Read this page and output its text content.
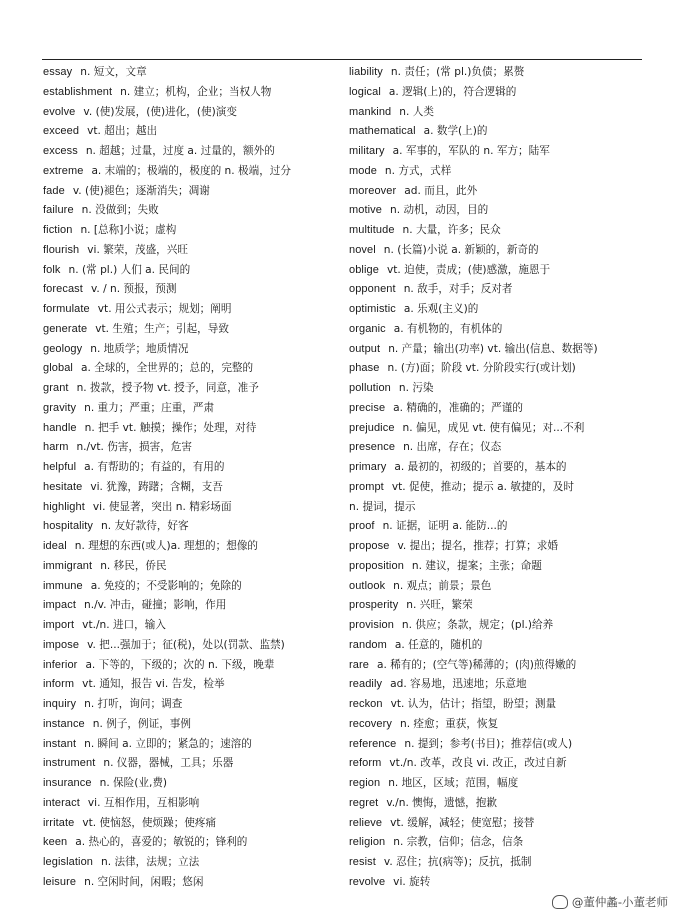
essay n. 短文，文章
establishment n. 建立；机构，企业；当权人物
evolve v. (使)发展，(使)进化，(使)演变
exceed vt. 超出；越出
excess n. 超越；过量，过度 a. 过量的，额外的
extreme a. 末端的；极端的，极度的 n. 极端，过分
fade v. (使)褪色；逐渐消失；凋谢
failure n. 没做到；失败
fiction n. [总称]小说；虚构
flourish vi. 繁荣，茂盛，兴旺
folk n. (常 pl.) 人们 a. 民间的
forecast v. / n. 预报，预测
formulate vt. 用公式表示；规划；阐明
generate vt. 生殖；生产；引起，导致
geology n. 地质学；地质情况
global a. 全球的，全世界的；总的，完整的
grant n. 拨款，授予物 vt. 授予，同意，准予
gravity n. 重力；严重；庄重，严肃
handle n. 把手 vt. 触摸；操作；处理，对待
harm n./vt. 伤害，损害，危害
helpful a. 有帮助的；有益的，有用的
hesitate vi. 犹豫，踌躇；含糊，支吾
highlight vi. 使显著，突出 n. 精彩场面
hospitality n. 友好款待，好客
ideal n. 理想的东西(或人)a. 理想的；想像的
immigrant n. 移民，侨民
immune a. 免疫的；不受影响的；免除的
impact n./v. 冲击，碰撞；影响，作用
import vt./n. 进口，输入
impose v. 把...强加于；征(税)，处以(罚款、监禁)
inferior a. 下等的，下级的；次的 n. 下级，晚辈
inform vt. 通知，报告 vi. 告发，检举
inquiry n. 打听，询问；调查
instance n. 例子，例证，事例
instant n. 瞬间 a. 立即的；紧急的；速溶的
instrument n. 仪器，器械，工具；乐器
insurance n. 保险(业,费)
interact vi. 互相作用，互相影响
irritate vt. 使恼怒，使烦躁；使疼痛
keen a. 热心的，喜爱的；敏锐的；锋利的
legislation n. 法律，法规；立法
leisure n. 空闲时间，闲暇；悠闲
liability n. 责任；(常 pl.)负债；累赘
logical a. 逻辑(上)的，符合逻辑的
mankind n. 人类
mathematical a. 数学(上)的
military a. 军事的，军队的 n. 军方；陆军
mode n. 方式，式样
moreover ad. 而且，此外
motive n. 动机，动因，目的
multitude n. 大量，许多；民众
novel n. (长篇)小说 a. 新颖的，新奇的
oblige vt. 迫使，责成；(使)感激，施恩于
opponent n. 敌手，对手；反对者
optimistic a. 乐观(主义)的
organic a. 有机物的，有机体的
output n. 产量；输出(功率) vt. 输出(信息、数据等)
phase n. (方)面；阶段 vt. 分阶段实行(或计划)
pollution n. 污染
precise a. 精确的，准确的；严谨的
prejudice n. 偏见，成见 vt. 使有偏见；对...不利
presence n. 出席，存在；仪态
primary a. 最初的，初级的；首要的，基本的
prompt vt. 促使，推动；提示 a. 敏捷的，及时
n. 提词，提示
proof n. 证据，证明 a. 能防...的
propose v. 提出；提名，推荐；打算；求婚
proposition n. 建议，提案；主张；命题
outlook n. 观点；前景；景色
prosperity n. 兴旺，繁荣
provision n. 供应；条款，规定；(pl.)给养
random a. 任意的，随机的
rare a. 稀有的；(空气等)稀薄的；(肉)煎得嫩的
readily ad. 容易地，迅速地；乐意地
reckon vt. 认为，估计；指望，盼望；测量
recovery n. 痊愈；重获，恢复
reference n. 提到；参考(书目)；推荐信(或人)
reform vt./n. 改革，改良 vi. 改正，改过自新
region n. 地区，区域；范围，幅度
regret v./n. 懊悔，遗憾，抱歉
relieve vt. 缓解，减轻；使宽慰；接替
religion n. 宗教，信仰；信念，信条
resist v. 忍住；抗(病等)；反抗，抵制
revolve vi. 旋转
@董仲蠡-小董老师
